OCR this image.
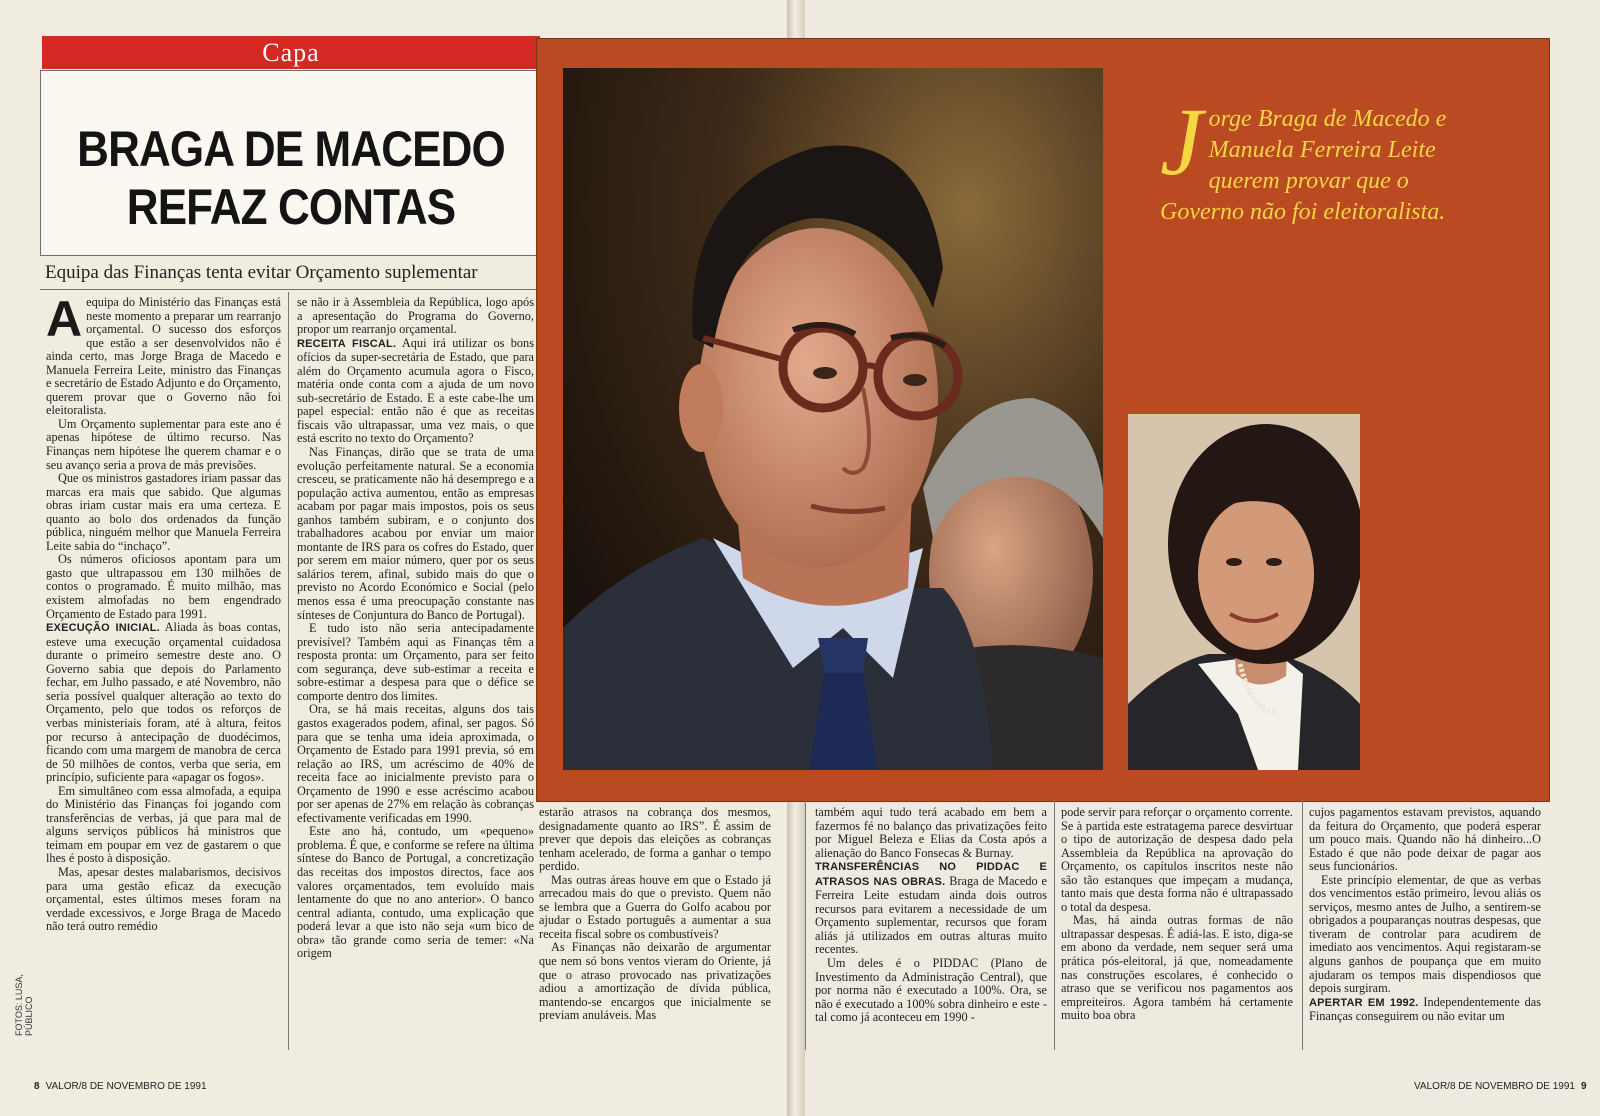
Capa
BRAGA DE MACEDO
REFAZ CONTAS
Equipa das Finanças tenta evitar Orçamento suplementar

Aequipa do Ministério das Finanças está neste momento a preparar um rearranjo orçamental. O sucesso dos esforços que estão a ser desenvolvidos não é ainda certo, mas Jorge Braga de Macedo e Manuela Ferreira Leite, ministro das Finanças e secretário de Estado Adjunto e do Orçamento, querem provar que o Governo não foi eleitoralista.

Um Orçamento suplementar para este ano é apenas hipótese de último recurso. Nas Finanças nem hipótese lhe querem chamar e o seu avanço seria a prova de más previsões.

Que os ministros gastadores iriam passar das marcas era mais que sabido. Que algumas obras iriam custar mais era uma certeza. E quanto ao bolo dos ordenados da função pública, ninguém melhor que Manuela Ferreira Leite sabia do “inchaço”.

Os números oficiosos apontam para um gasto que ultrapassou em 130 milhões de contos o programado. É muito milhão, mas existem almofadas no bem engendrado Orçamento de Estado para 1991.

EXECUÇÃO INICIAL. Aliada às boas contas, esteve uma execução orçamental cuidadosa durante o primeiro semestre deste ano. O Governo sabia que depois do Parlamento fechar, em Julho passado, e até Novembro, não seria possível qualquer alteração ao texto do Orçamento, pelo que todos os reforços de verbas ministeriais foram, até à altura, feitos por recurso à antecipação de duodécimos, ficando com uma margem de manobra de cerca de 50 milhões de contos, verba que seria, em princípio, suficiente para «apagar os fogos».

Em simultâneo com essa almofada, a equipa do Ministério das Finanças foi jogando com transferências de verbas, já que para mal de alguns serviços públicos há ministros que teimam em poupar em vez de gastarem o que lhes é posto à disposição.

Mas, apesar destes malabarismos, decisivos para uma gestão eficaz da execução orçamental, estes últimos meses foram na verdade excessivos, e Jorge Braga de Macedo não terá outro remédio

se não ir à Assembleia da República, logo após a apresentação do Programa do Governo, propor um rearranjo orçamental.

RECEITA FISCAL. Aqui irá utilizar os bons ofícios da super-secretária de Estado, que para além do Orçamento acumula agora o Fisco, matéria onde conta com a ajuda de um novo sub-secretário de Estado. E a este cabe-lhe um papel especial: então não é que as receitas fiscais vão ultrapassar, uma vez mais, o que está escrito no texto do Orçamento?

Nas Finanças, dirão que se trata de uma evolução perfeitamente natural. Se a economia cresceu, se praticamente não há desemprego e a população activa aumentou, então as empresas acabam por pagar mais impostos, pois os seus ganhos também subiram, e o conjunto dos trabalhadores acabou por enviar um maior montante de IRS para os cofres do Estado, quer por serem em maior número, quer por os seus salários terem, afinal, subido mais do que o previsto no Acordo Económico e Social (pelo menos essa é uma preocupação constante nas sínteses de Conjuntura do Banco de Portugal).

E tudo isto não seria antecipadamente previsível? Também aqui as Finanças têm a resposta pronta: um Orçamento, para ser feito com segurança, deve sub-estimar a receita e sobre-estimar a despesa para que o défice se comporte dentro dos limites.

Ora, se há mais receitas, alguns dos tais gastos exagerados podem, afinal, ser pagos. Só para que se tenha uma ideia aproximada, o Orçamento de Estado para 1991 previa, só em relação ao IRS, um acréscimo de 40% de receita face ao inicialmente previsto para o Orçamento de 1990 e esse acréscimo acabou por ser apenas de 27% em relação às cobranças efectivamente verificadas em 1990.

Este ano há, contudo, um «pequeno» problema. É que, e conforme se refere na última síntese do Banco de Portugal, a concretização das receitas dos impostos directos, face aos valores orçamentados, tem evoluído mais lentamente do que no ano anterior». O banco central adianta, contudo, uma explicação que poderá levar a que isto não seja «um bico de obra» tão grande como seria de temer: «Na origem

FOTOS: LUSA, PÚBLICO
8 VALOR/8 DE NOVEMBRO DE 1991	VALOR/8 DE NOVEMBRO DE 1991 9
Jorge Braga de Macedo e Manuela Ferreira Leite querem provar que o Governo não foi eleitoralista.

estarão atrasos na cobrança dos mesmos, designadamente quanto ao IRS”. É assim de prever que depois das eleições as cobranças tenham acelerado, de forma a ganhar o tempo perdido.

Mas outras áreas houve em que o Estado já arrecadou mais do que o previsto. Quem não se lembra que a Guerra do Golfo acabou por ajudar o Estado português a aumentar a sua receita fiscal sobre os combustíveis?

As Finanças não deixarão de argumentar que nem só bons ventos vieram do Oriente, já que o atraso provocado nas privatizações adiou a amortização de dívida pública, mantendo-se encargos que inicialmente se previam anuláveis. Mas

também aqui tudo terá acabado em bem a fazermos fé no balanço das privatizações feito por Miguel Beleza e Elias da Costa após a alienação do Banco Fonsecas & Burnay.

TRANSFERÊNCIAS NO PIDDAC E ATRASOS NAS OBRAS. Braga de Macedo e Ferreira Leite estudam ainda dois outros recursos para evitarem a necessidade de um Orçamento suplementar, recursos que foram aliás já utilizados em outras alturas muito recentes.

Um deles é o PIDDAC (Plano de Investimento da Administração Central), que por norma não é executado a 100%. Ora, se não é executado a 100% sobra dinheiro e este - tal como já aconteceu em 1990 -

pode servir para reforçar o orçamento corrente. Se à partida este estratagema parece desvirtuar o tipo de autorização de despesa dado pela Assembleia da República na aprovação do Orçamento, os capítulos inscritos neste não são tão estanques que impeçam a mudança, tanto mais que desta forma não é ultrapassado o total da despesa.

Mas, há ainda outras formas de não ultrapassar despesas. É adiá-las. E isto, diga-se em abono da verdade, nem sequer será uma prática pós-eleitoral, já que, nomeadamente nas construções escolares, é conhecido o atraso que se verificou nos pagamentos aos empreiteiros. Agora também há certamente muito boa obra

cujos pagamentos estavam previstos, aquando da feitura do Orçamento, que poderá esperar um pouco mais. Quando não há dinheiro...O Estado é que não pode deixar de pagar aos seus funcionários.

Este princípio elementar, de que as verbas dos vencimentos estão primeiro, levou aliás os serviços, mesmo antes de Julho, a sentirem-se obrigados a pouparanças noutras despesas, que tiveram de controlar para acudirem de imediato aos vencimentos. Aqui registaram-se alguns ganhos de poupança que em muito ajudaram os tempos mais dispendiosos que depois surgiram.

APERTAR EM 1992. Independentemente das Finanças conseguirem ou não evitar um
